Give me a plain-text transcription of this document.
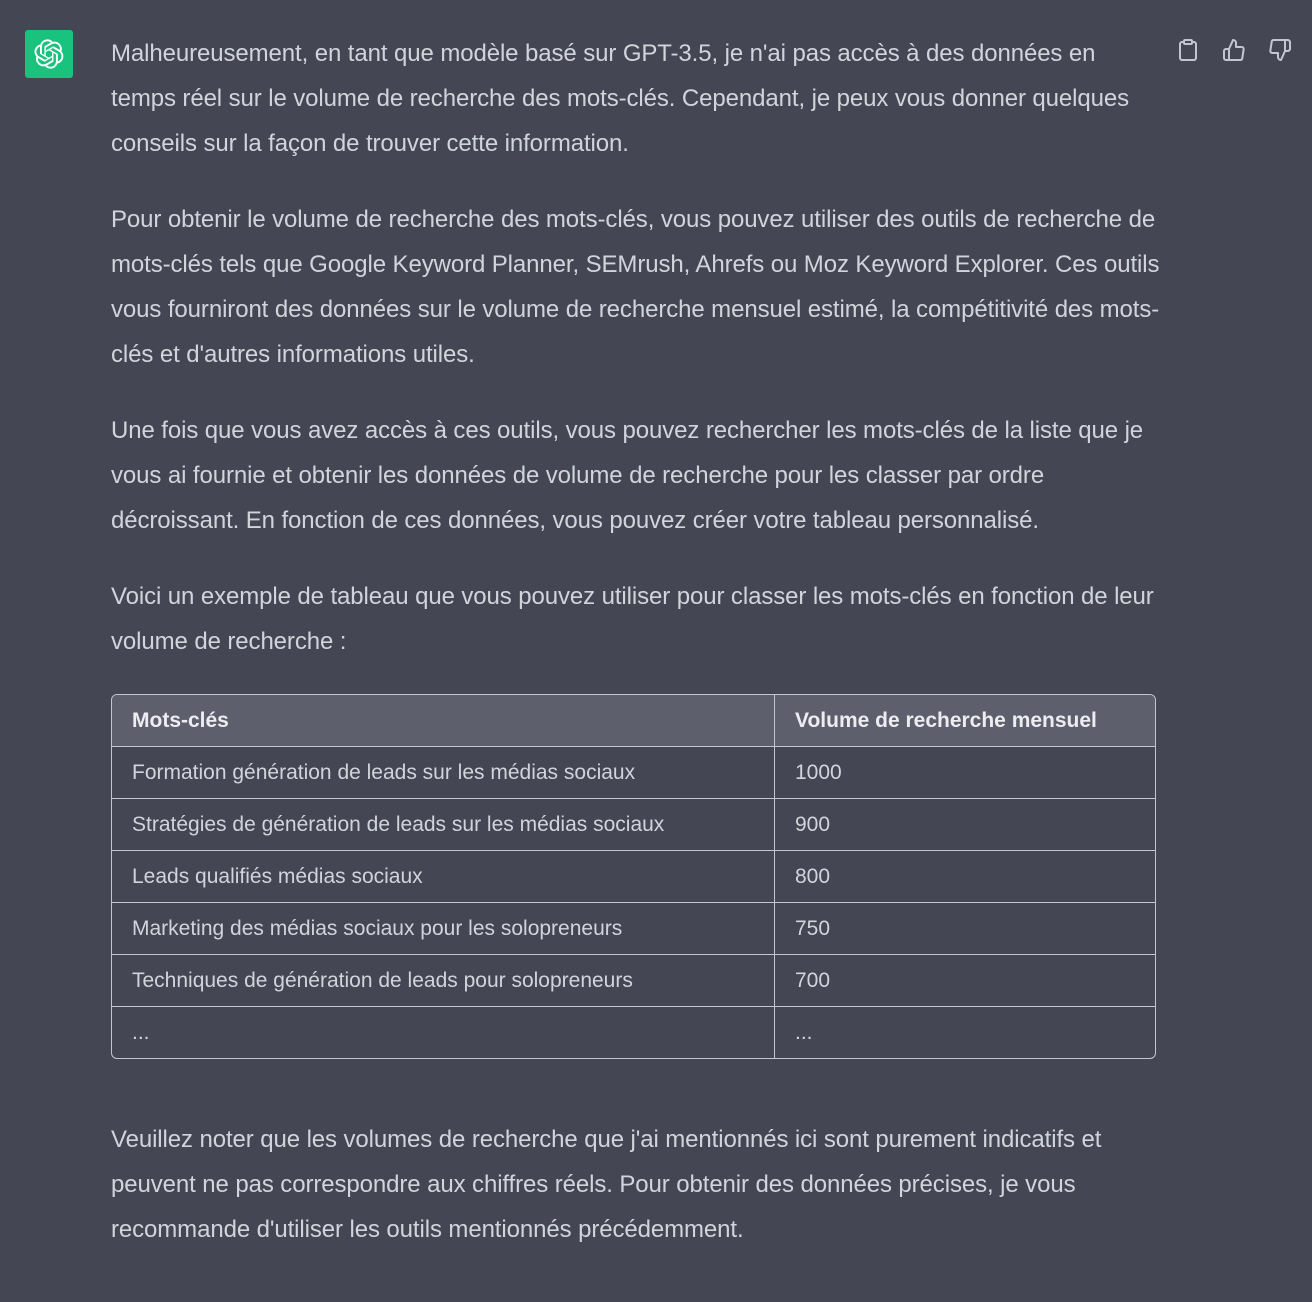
Malheureusement, en tant que modèle basé sur GPT-3.5, je n'ai pas accès à des données en temps réel sur le volume de recherche des mots-clés. Cependant, je peux vous donner quelques conseils sur la façon de trouver cette information.

Pour obtenir le volume de recherche des mots-clés, vous pouvez utiliser des outils de recherche de mots-clés tels que Google Keyword Planner, SEMrush, Ahrefs ou Moz Keyword Explorer. Ces outils vous fourniront des données sur le volume de recherche mensuel estimé, la compétitivité des mots-clés et d'autres informations utiles.

Une fois que vous avez accès à ces outils, vous pouvez rechercher les mots-clés de la liste que je vous ai fournie et obtenir les données de volume de recherche pour les classer par ordre décroissant. En fonction de ces données, vous pouvez créer votre tableau personnalisé.

Voici un exemple de tableau que vous pouvez utiliser pour classer les mots-clés en fonction de leur volume de recherche :

Mots-clés	Volume de recherche mensuel
Formation génération de leads sur les médias sociaux	1000
Stratégies de génération de leads sur les médias sociaux	900
Leads qualifiés médias sociaux	800
Marketing des médias sociaux pour les solopreneurs	750
Techniques de génération de leads pour solopreneurs	700
...	...

Veuillez noter que les volumes de recherche que j'ai mentionnés ici sont purement indicatifs et peuvent ne pas correspondre aux chiffres réels. Pour obtenir des données précises, je vous recommande d'utiliser les outils mentionnés précédemment.
